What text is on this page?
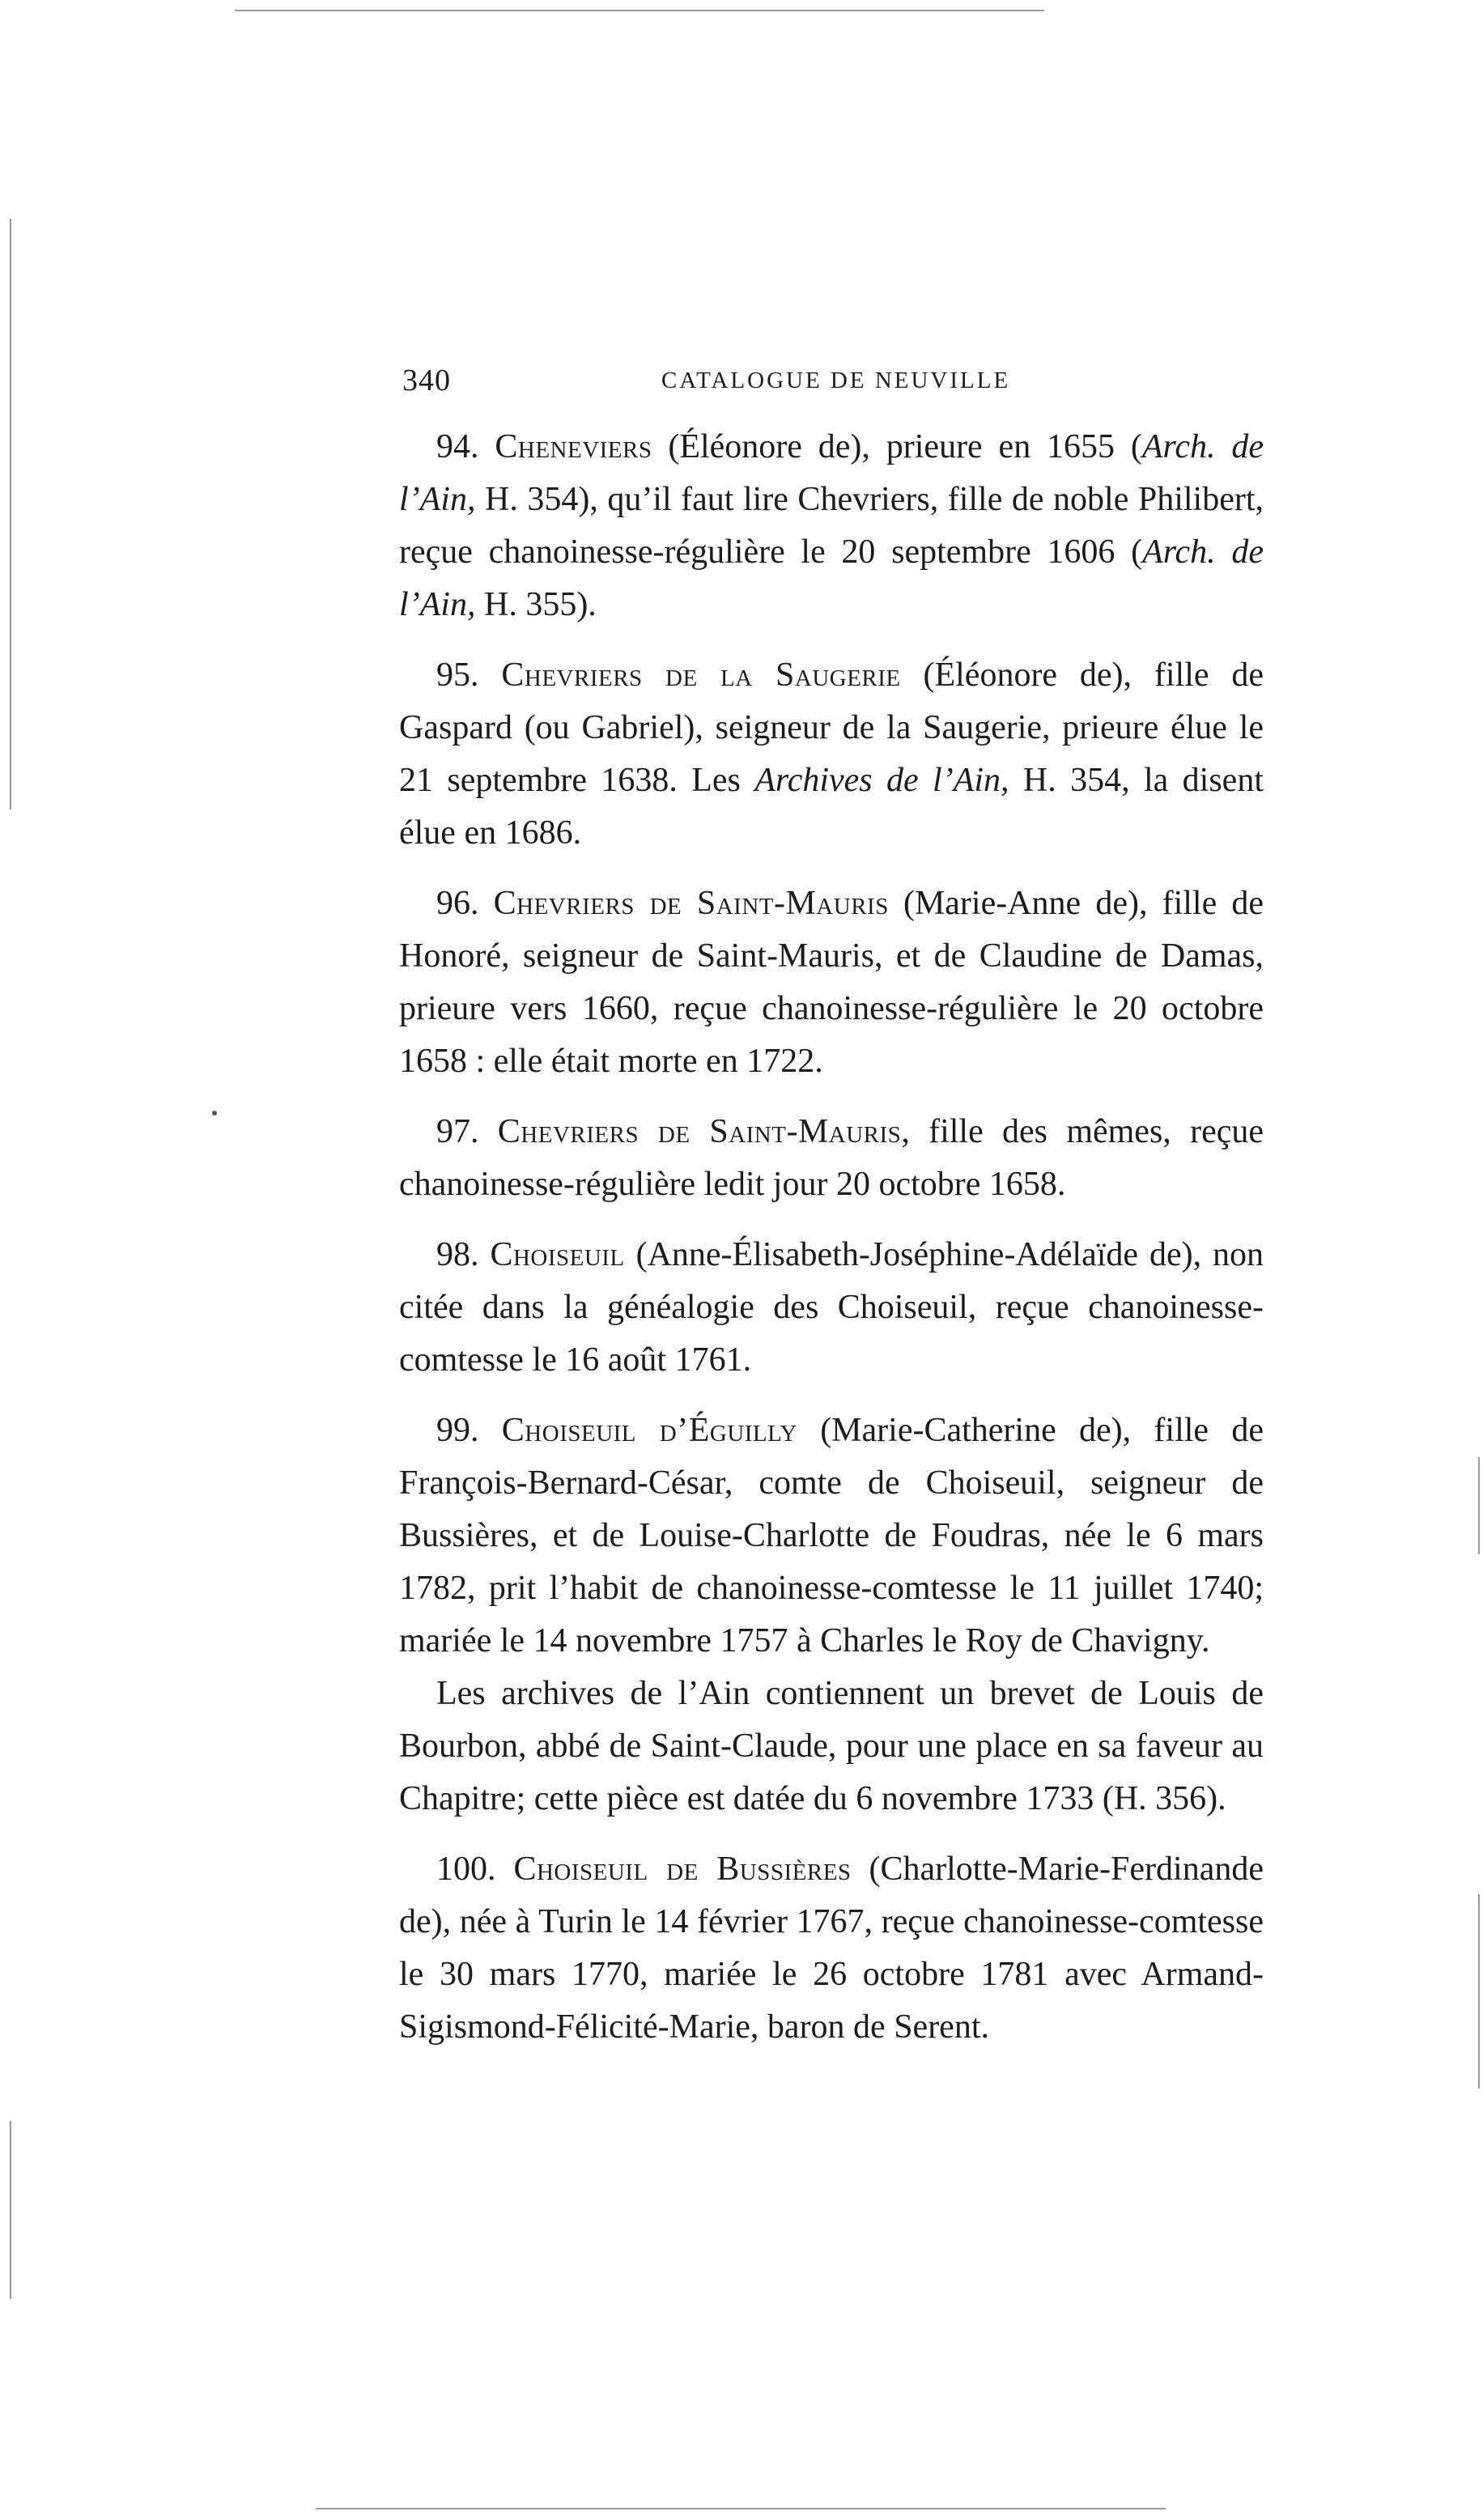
340	CATALOGUE DE NEUVILLE

94. Cheneviers (Éléonore de), prieure en 1655 (Arch. de l’Ain, H. 354), qu’il faut lire Chevriers, fille de noble Philibert, reçue chanoinesse-régulière le 20 septembre 1606 (Arch. de l’Ain, H. 355).

95. Chevriers de la Saugerie (Éléonore de), fille de Gaspard (ou Gabriel), seigneur de la Saugerie, prieure élue le 21 septembre 1638. Les Archives de l’Ain, H. 354, la disent élue en 1686.

96. Chevriers de Saint-Mauris (Marie-Anne de), fille de Honoré, seigneur de Saint-Mauris, et de Claudine de Damas, prieure vers 1660, reçue chanoinesse-régulière le 20 octobre 1658 : elle était morte en 1722.

97. Chevriers de Saint-Mauris, fille des mêmes, reçue chanoinesse-régulière ledit jour 20 octobre 1658.

98. Choiseuil (Anne-Élisabeth-Joséphine-Adélaïde de), non citée dans la généalogie des Choiseuil, reçue chanoinesse-comtesse le 16 août 1761.

99. Choiseuil d’Éguilly (Marie-Catherine de), fille de François-Bernard-César, comte de Choiseuil, seigneur de Bussières, et de Louise-Charlotte de Foudras, née le 6 mars 1782, prit l’habit de chanoinesse-comtesse le 11 juillet 1740; mariée le 14 novembre 1757 à Charles le Roy de Chavigny.

Les archives de l’Ain contiennent un brevet de Louis de Bourbon, abbé de Saint-Claude, pour une place en sa faveur au Chapitre; cette pièce est datée du 6 novembre 1733 (H. 356).

100. Choiseuil de Bussières (Charlotte-Marie-Ferdinande de), née à Turin le 14 février 1767, reçue chanoinesse-comtesse le 30 mars 1770, mariée le 26 octobre 1781 avec Armand-Sigismond-Félicité-Marie, baron de Serent.
